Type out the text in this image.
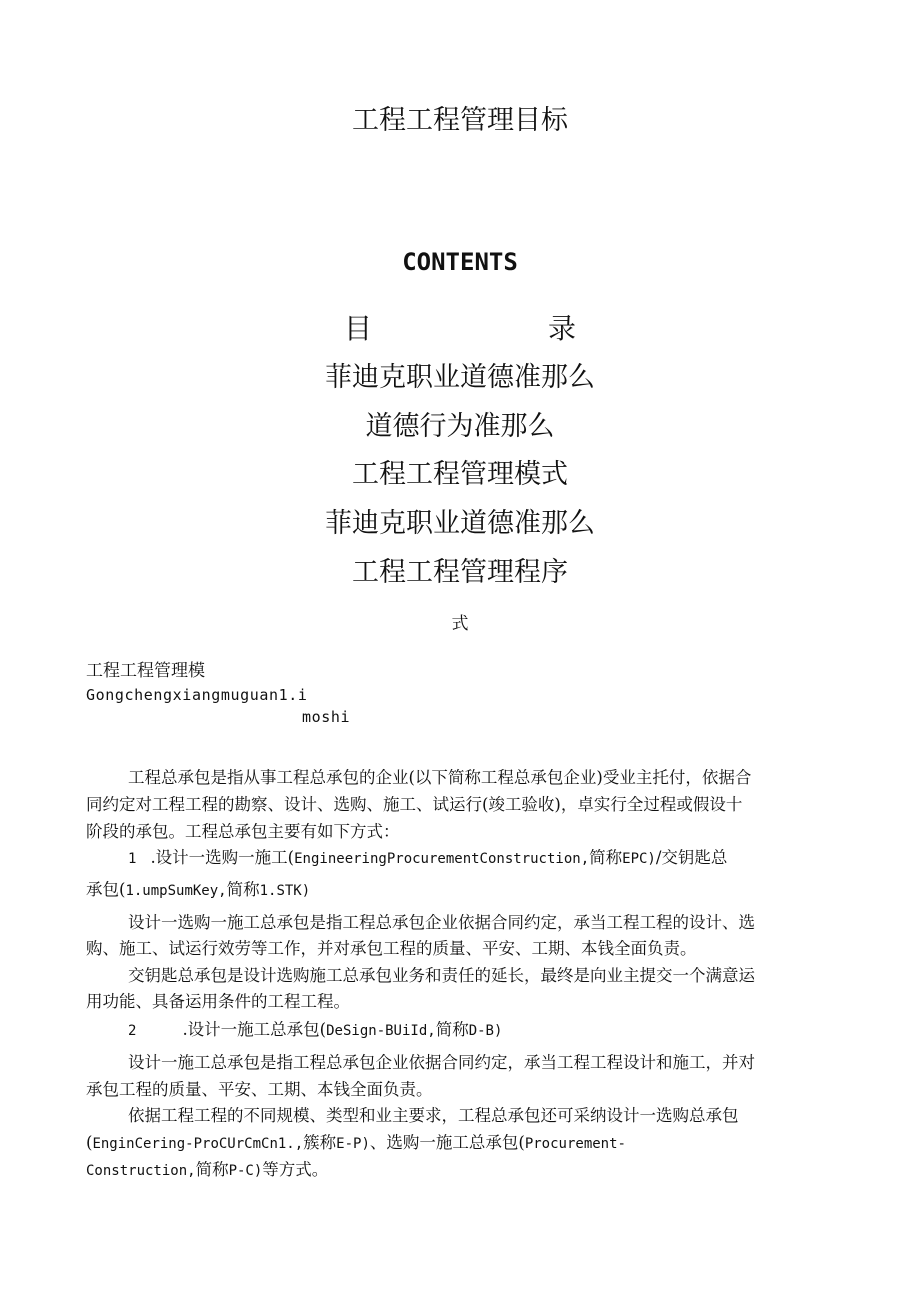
工程工程管理目标
CONTENTS
目	录
菲迪克职业道德准那么
道德行为准那么
工程工程管理模式
菲迪克职业道德准那么
工程工程管理程序
式
工程工程管理模
Gongchengxiangmuguan1.i
moshi
工程总承包是指从事工程总承包的企业(以下简称工程总承包企业)受业主托付，依据合
同约定对工程工程的勘察、设计、选购、施工、试运行(竣工验收)，卓实行全过程或假设十
阶段的承包。工程总承包主要有如下方式：
1 .设计一选购一施工(EngineeringProcurementConstruction,简称EPC)/交钥匙总
承包(1.umpSumKey,简称1.STK)
设计一选购一施工总承包是指工程总承包企业依据合同约定，承当工程工程的设计、选
购、施工、试运行效劳等工作，并对承包工程的质量、平安、工期、本钱全面负责。
交钥匙总承包是设计选购施工总承包业务和责任的延长，最终是向业主提交一个满意运
用功能、具备运用条件的工程工程。
2	.设计一施工总承包(DeSign-BUiId,简称D-B)
设计一施工总承包是指工程总承包企业依据合同约定，承当工程工程设计和施工，并对
承包工程的质量、平安、工期、本钱全面负责。
依据工程工程的不同规模、类型和业主要求，工程总承包还可采纳设计一选购总承包
(EnginCering-ProCUrCmCn1.,簇称E-P)、选购一施工总承包(Procurement-
Construction,简称P-C)等方式。
